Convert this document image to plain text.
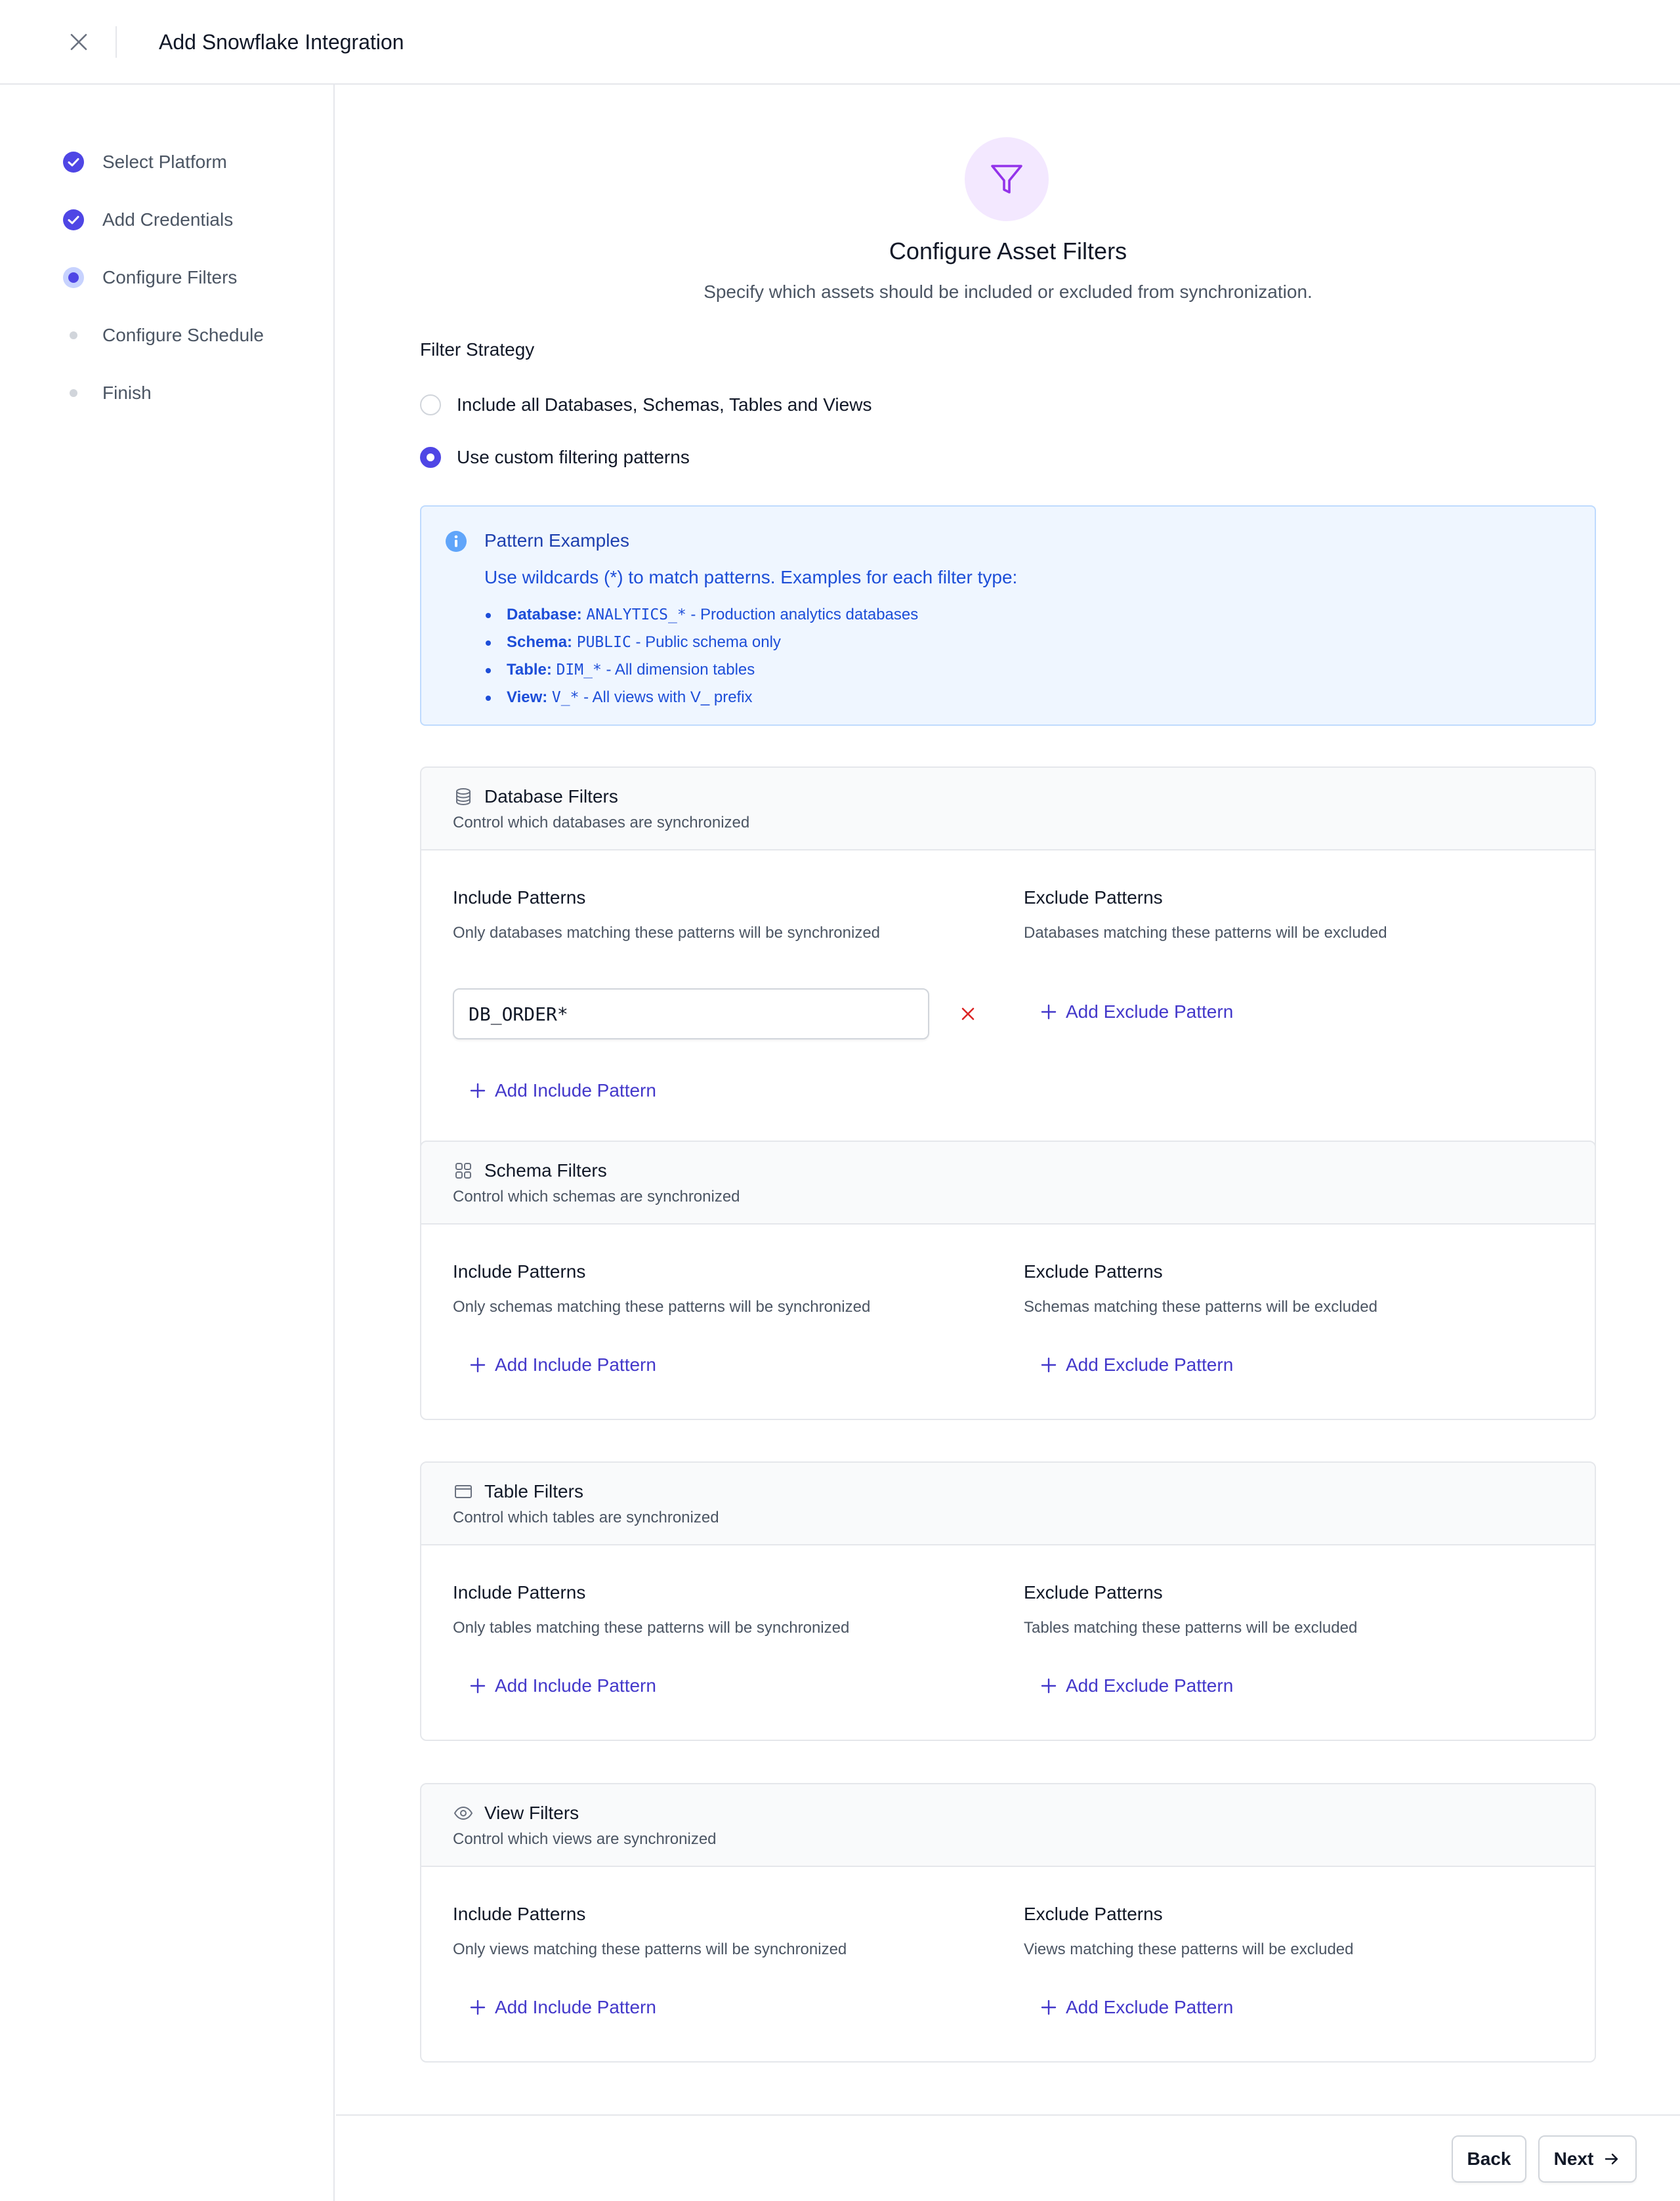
Add Snowflake Integration
Select Platform
Add Credentials
Configure Filters
Configure Schedule
Finish
Configure Asset Filters
Specify which assets should be included or excluded from synchronization.
Filter Strategy
Include all Databases, Schemas, Tables and Views
Use custom filtering patterns
Pattern Examples
Use wildcards (*) to match patterns. Examples for each filter type:
Database: ANALYTICS_* - Production analytics databases
Schema: PUBLIC - Public schema only
Table: DIM_* - All dimension tables
View: V_* - All views with V_ prefix
Database Filters
Control which databases are synchronized
Include Patterns
Only databases matching these patterns will be synchronized
DB_ORDER*
Add Include Pattern
Exclude Patterns
Databases matching these patterns will be excluded
Add Exclude Pattern
Schema Filters
Control which schemas are synchronized
Include Patterns
Only schemas matching these patterns will be synchronized
Add Include Pattern
Exclude Patterns
Schemas matching these patterns will be excluded
Add Exclude Pattern
Table Filters
Control which tables are synchronized
Include Patterns
Only tables matching these patterns will be synchronized
Add Include Pattern
Exclude Patterns
Tables matching these patterns will be excluded
Add Exclude Pattern
View Filters
Control which views are synchronized
Include Patterns
Only views matching these patterns will be synchronized
Add Include Pattern
Exclude Patterns
Views matching these patterns will be excluded
Add Exclude Pattern
Back	Next
